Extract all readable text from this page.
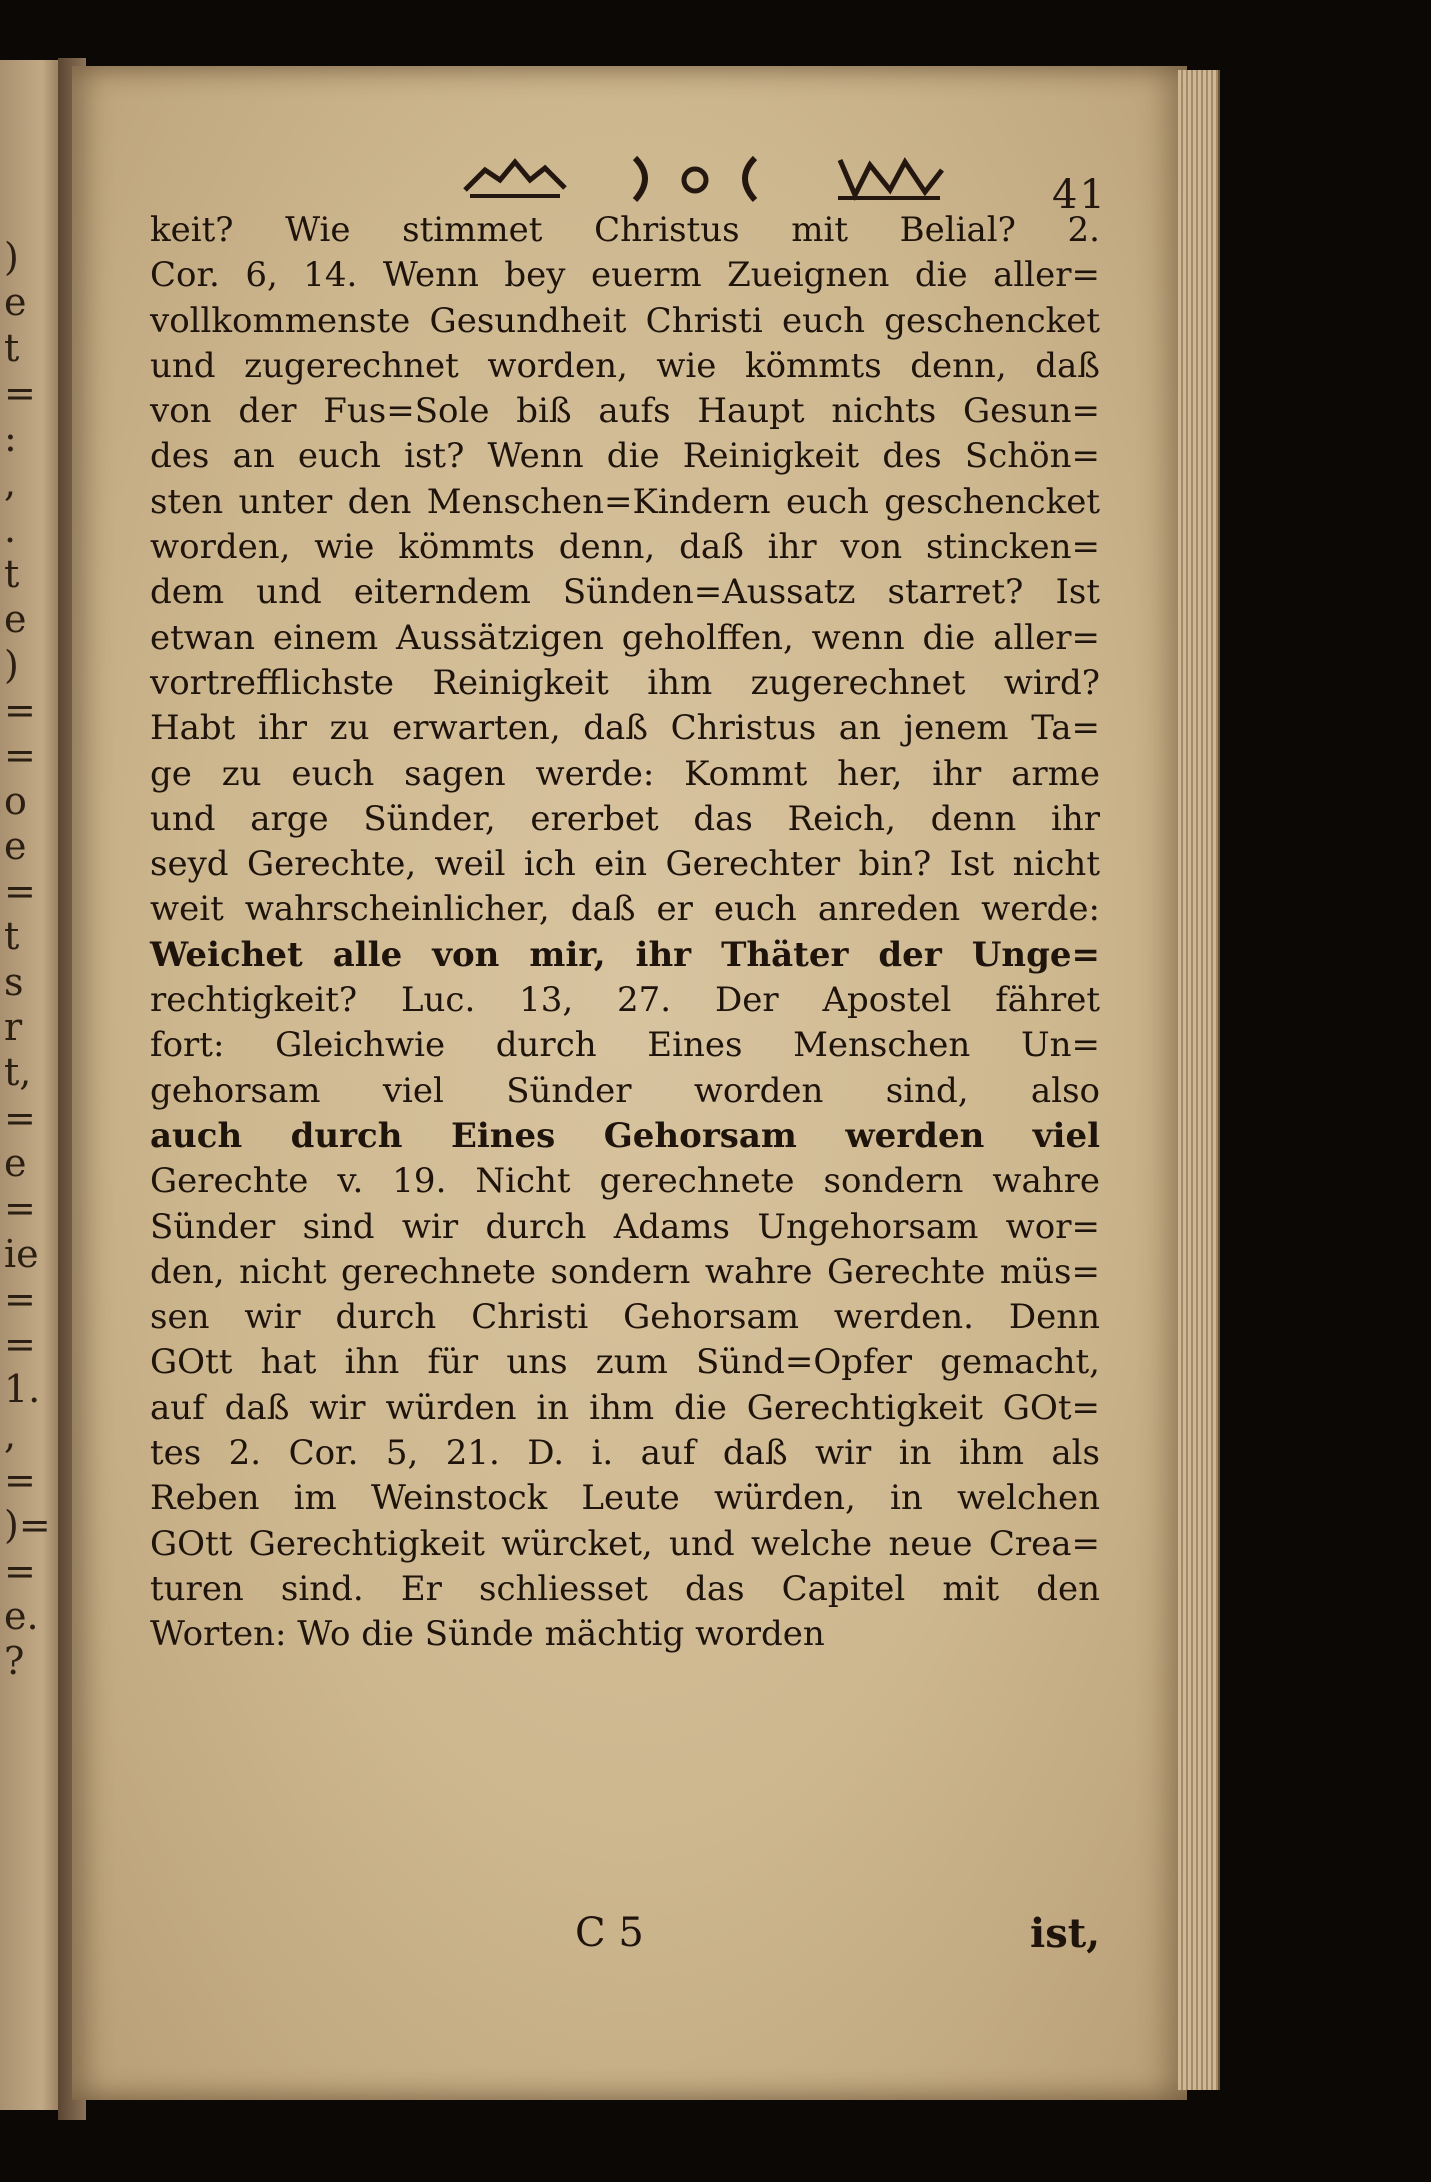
)
e
t
=
:
,
.
t
e
)
=
=
o
e
=
t
s
r
t,
=
e
=
ie
=
=
1.
,
=
)=
=
e.
?
41
keit? Wie stimmet Christus mit Belial? 2.
Cor. 6, 14. Wenn bey euerm Zueignen die aller=
vollkommenste Gesundheit Christi euch geschencket
und zugerechnet worden, wie kömmts denn, daß
von der Fus=Sole biß aufs Haupt nichts Gesun=
des an euch ist? Wenn die Reinigkeit des Schön=
sten unter den Menschen=Kindern euch geschencket
worden, wie kömmts denn, daß ihr von stincken=
dem und eiterndem Sünden=Aussatz starret? Ist
etwan einem Aussätzigen geholffen, wenn die aller=
vortrefflichste Reinigkeit ihm zugerechnet wird?
Habt ihr zu erwarten, daß Christus an jenem Ta=
ge zu euch sagen werde: Kommt her, ihr arme
und arge Sünder, ererbet das Reich, denn ihr
seyd Gerechte, weil ich ein Gerechter bin? Ist nicht
weit wahrscheinlicher, daß er euch anreden werde:
Weichet alle von mir, ihr Thäter der Unge=
rechtigkeit? Luc. 13, 27. Der Apostel fähret
fort: Gleichwie durch Eines Menschen Un=
gehorsam viel Sünder worden sind, also
auch durch Eines Gehorsam werden viel
Gerechte v. 19. Nicht gerechnete sondern wahre
Sünder sind wir durch Adams Ungehorsam wor=
den, nicht gerechnete sondern wahre Gerechte müs=
sen wir durch Christi Gehorsam werden. Denn
GOtt hat ihn für uns zum Sünd=Opfer gemacht,
auf daß wir würden in ihm die Gerechtigkeit GOt=
tes 2. Cor. 5, 21. D. i. auf daß wir in ihm als
Reben im Weinstock Leute würden, in welchen
GOtt Gerechtigkeit würcket, und welche neue Crea=
turen sind. Er schliesset das Capitel mit den
Worten: Wo die Sünde mächtig worden
C 5	ist,
